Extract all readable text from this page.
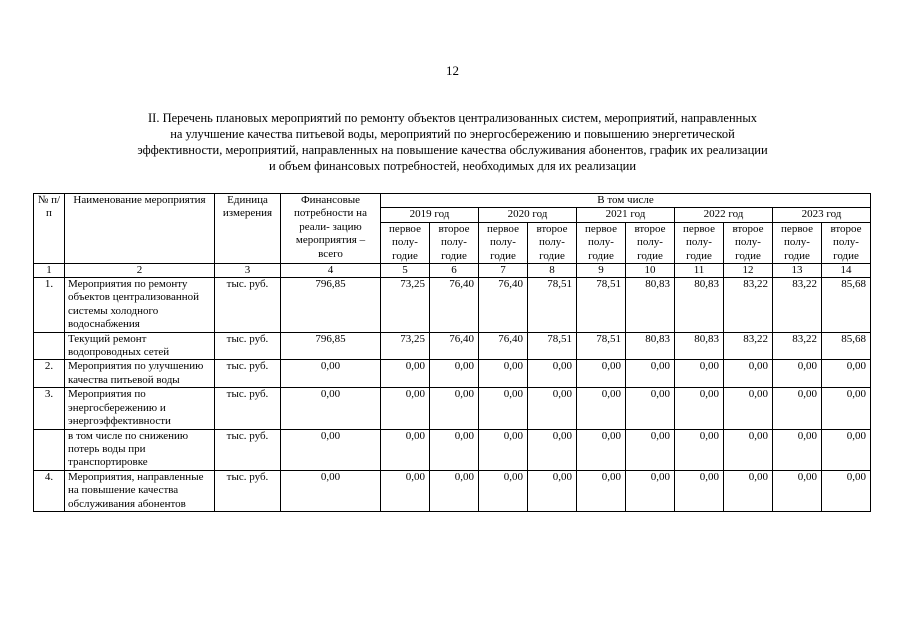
12
II. Перечень плановых мероприятий по ремонту объектов централизованных систем, мероприятий, направленных
на улучшение качества питьевой воды, мероприятий по энергосбережению и повышению энергетической
эффективности, мероприятий, направленных на повышение качества обслуживания абонентов, график их реализации
и объем финансовых потребностей, необходимых для их реализации
№ п/п	Наименование мероприятия	Единица измерения	Финансовые потребности на реали- зацию мероприятия – всего	В том числе									
				2019 год		2020 год		2021 год		2022 год		2023 год	
				первое полу- годие	второе полу- годие	первое полу- годие	второе полу- годие	первое полу- годие	второе полу- годие	первое полу- годие	второе полу- годие	первое полу- годие	второе полу- годие
1	2	3	4	5	6	7	8	9	10	11	12	13	14
1.	Мероприятия по ремонту объектов централизованной системы холодного водоснабжения	тыс. руб.	796,85	73,25	76,40	76,40	78,51	78,51	80,83	80,83	83,22	83,22	85,68
	Текущий ремонт водопроводных сетей	тыс. руб.	796,85	73,25	76,40	76,40	78,51	78,51	80,83	80,83	83,22	83,22	85,68
2.	Мероприятия по улучшению качества питьевой воды	тыс. руб.	0,00	0,00	0,00	0,00	0,00	0,00	0,00	0,00	0,00	0,00	0,00
3.	Мероприятия по энергосбережению и энергоэффективности	тыс. руб.	0,00	0,00	0,00	0,00	0,00	0,00	0,00	0,00	0,00	0,00	0,00
	в том числе по снижению потерь воды при транспортировке	тыс. руб.	0,00	0,00	0,00	0,00	0,00	0,00	0,00	0,00	0,00	0,00	0,00
4.	Мероприятия, направленные на повышение качества обслуживания абонентов	тыс. руб.	0,00	0,00	0,00	0,00	0,00	0,00	0,00	0,00	0,00	0,00	0,00
